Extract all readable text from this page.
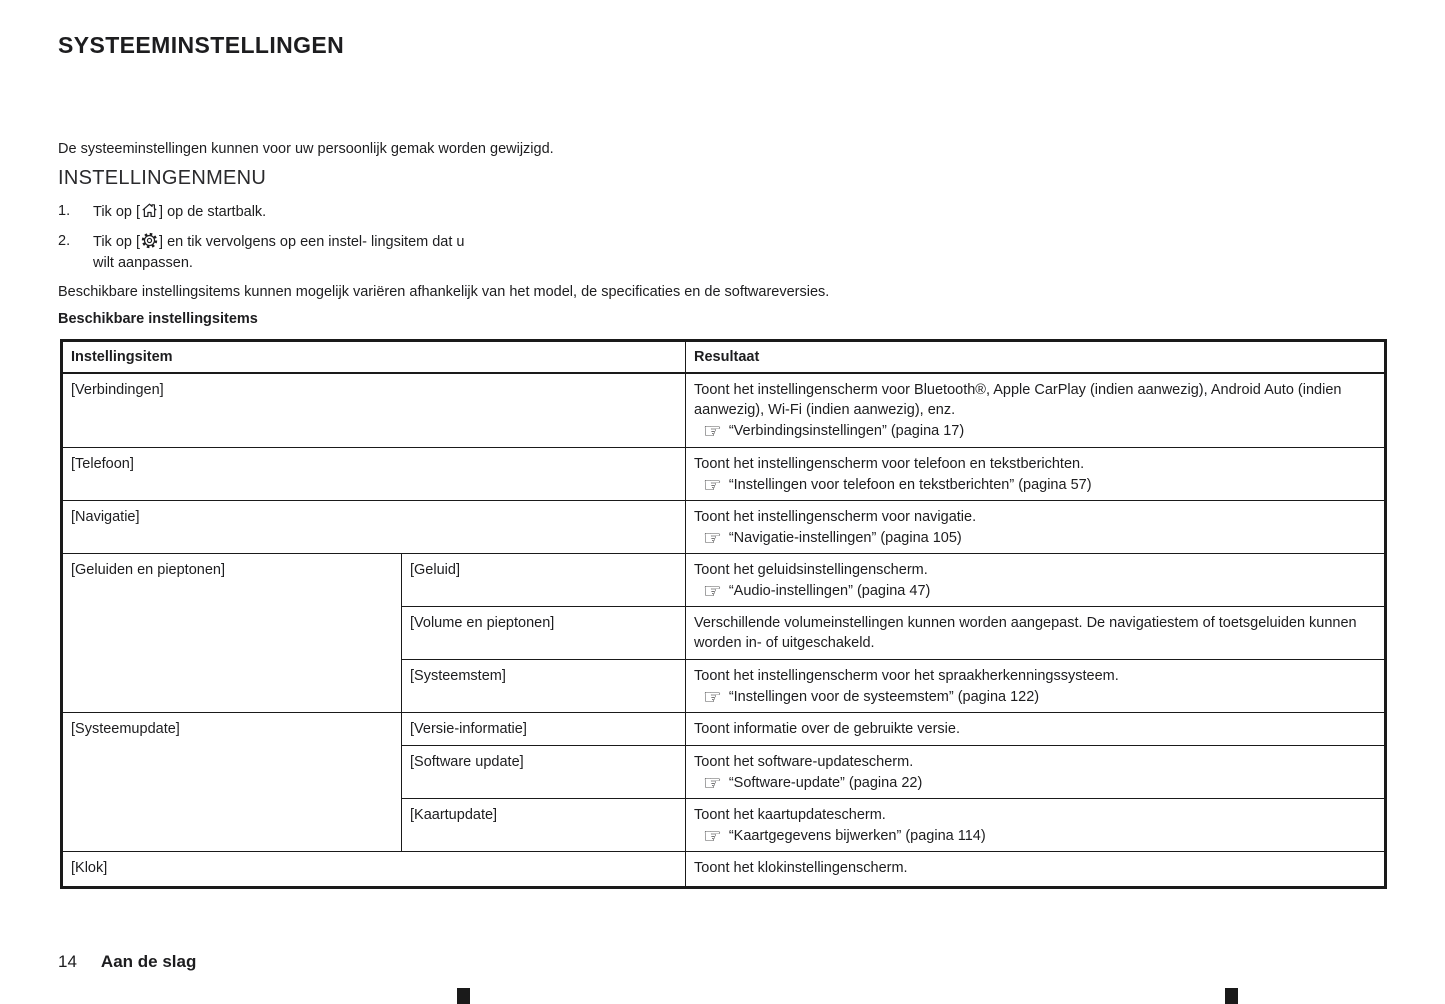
SYSTEEMINSTELLINGEN

De systeeminstellingen kunnen voor uw persoonlijk gemak worden gewijzigd.

INSTELLINGENMENU
1.	Tik op [ ] op de startbalk.
2.	Tik op [ ] en tik vervolgens op een instel- lingsitem dat u wilt aanpassen.

Beschikbare instellingsitems kunnen mogelijk variëren afhankelijk van het model, de specificaties en de softwareversies.

Beschikbare instellingsitems

Instellingsitem		Resultaat
[Verbindingen]		Toont het instellingenscherm voor Bluetooth®, Apple CarPlay (indien aanwezig), Android Auto (indien aanwezig), Wi-Fi (indien aanwezig), enz.
☞ “Verbindingsinstellingen” (pagina 17)

[Telefoon]		Toont het instellingenscherm voor telefoon en tekstberichten.
☞ “Instellingen voor telefoon en tekstberichten” (pagina 57)

[Navigatie]		Toont het instellingenscherm voor navigatie.
☞ “Navigatie-instellingen” (pagina 105)

[Geluiden en pieptonen]	[Geluid]	Toont het geluidsinstellingenscherm.
☞ “Audio-instellingen” (pagina 47)

	[Volume en pieptonen]	Verschillende volumeinstellingen kunnen worden aangepast. De navigatiestem of toetsgeluiden kunnen worden in- of uitgeschakeld.

	[Systeemstem]	Toont het instellingenscherm voor het spraakherkenningssysteem.
☞ “Instellingen voor de systeemstem” (pagina 122)

[Systeemupdate]	[Versie-informatie]	Toont informatie over de gebruikte versie.

	[Software update]	Toont het software-updatescherm.
☞ “Software-update” (pagina 22)

	[Kaartupdate]	Toont het kaartupdatescherm.
☞ “Kaartgegevens bijwerken” (pagina 114)

[Klok]		Toont het klokinstellingenscherm.
14 Aan de slag
